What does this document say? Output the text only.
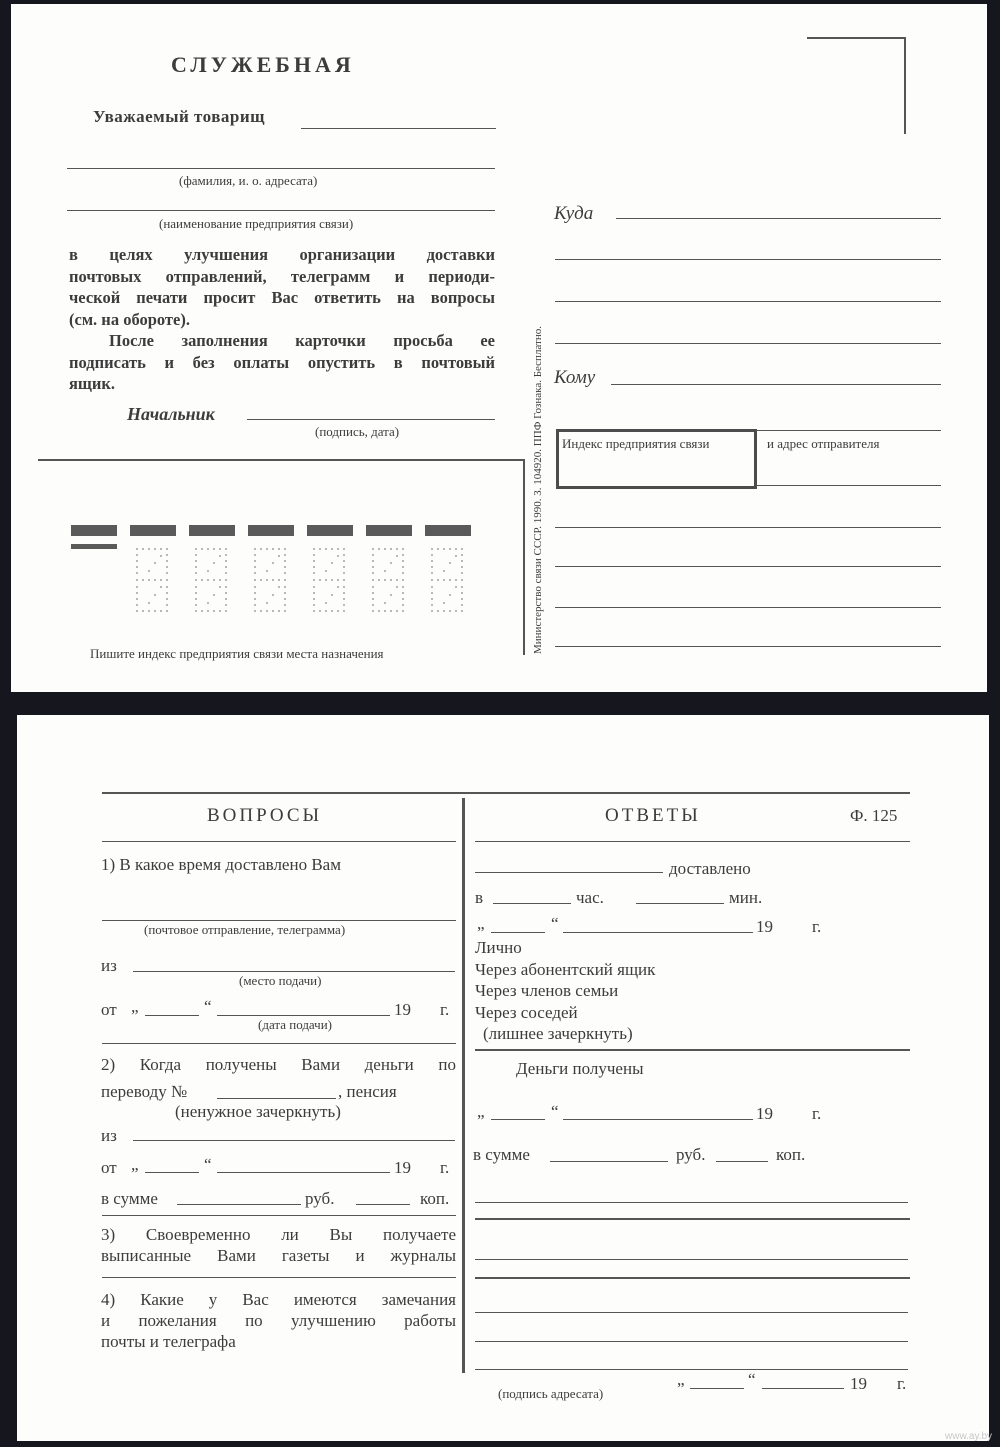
СЛУЖЕБНАЯ
Уважаемый товарищ
(фамилия, и. о. адресата)
(наименование предприятия связи)
в целях улучшения организации доставки
почтовых отправлений, телеграмм и периоди-
ческой печати просит Вас ответить на вопросы
(см. на обороте).
После заполнения карточки просьба ее
подписать и без оплаты опустить в почтовый
ящик.
Начальник
(подпись, дата)	Министерство связи СССР. 1990. З. 104920. ППФ Гознака. Бесплатно.
Куда
Кому
Индекс предприятия связи	и адрес отправителя
Пишите индекс предприятия связи места назначения
ВОПРОСЫ	ОТВЕТЫ	Ф. 125
1) В какое время доставлено Вам
(почтовое отправление, телеграмма)
из
(место подачи)
от „	“	19 г.
(дата подачи)
2) Когда получены Вами деньги по
переводу №	, пенсия
(ненужное зачеркнуть)
из
от „	“	19 г.
в сумме	руб.	коп.
3) Своевременно ли Вы получаете
выписанные Вами газеты и журналы
4) Какие у Вас имеются замечания
и пожелания по улучшению работы
почты и телеграфа
доставлено
в	час.	мин.
„	“	19 г.
Лично
Через абонентский ящик
Через членов семьи
Через соседей
(лишнее зачеркнуть)
Деньги получены
„	“	19 г.
в сумме	руб.	коп.
„	“	19 г.
(подпись адресата)
www.ay.by
